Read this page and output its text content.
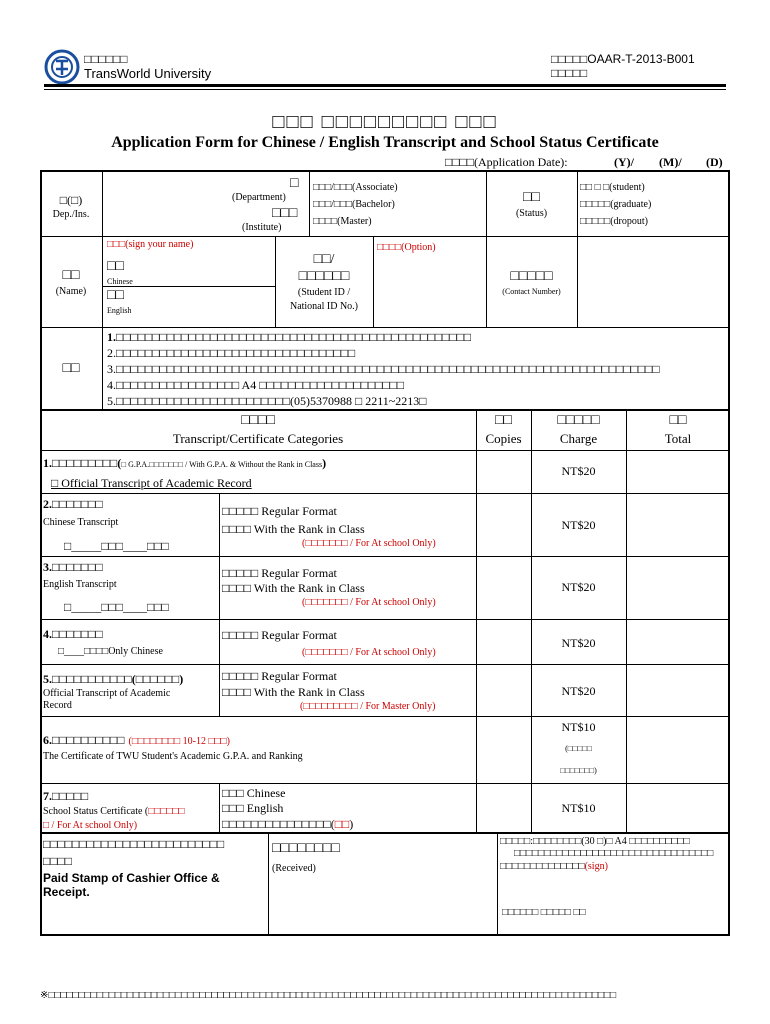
□□□□□□
TransWorld University
□□□□□OAAR-T-2013-B001
□□□□□
□□□ □□□□□□□□□ □□□
Application Form for Chinese / English Transcript and School Status Certificate
□□□□(Application Date):	(Y)/ (M)/ (D)
□(□)
Dep./Ins.
□
(Department)
□□□
(Institute)
□□□/□□□(Associate)
□□□/□□□(Bachelor)
□□□□(Master)
□□
(Status)
□□ □ □(student)
□□□□□(graduate)
□□□□□(dropout)
□□
(Name)
□□□(sign your name)
□□
Chinese
□□
English
□□/
□□□□□□
(Student ID /
National ID No.)
□□□□(Option)
□□□□□
(Contact Number)
□□
1.□□□□□□□□□□□□□□□□□□□□□□□□□□□□□□□□□□□□□□□□□□□□□□□□□
2.□□□□□□□□□□□□□□□□□□□□□□□□□□□□□□□□□
3.□□□□□□□□□□□□□□□□□□□□□□□□□□□□□□□□□□□□□□□□□□□□□□□□□□□□□□□□□□□□□□□□□□□□□□□□□□□
4.□□□□□□□□□□□□□□□□□ A4 □□□□□□□□□□□□□□□□□□□□
5.□□□□□□□□□□□□□□□□□□□□□□□□(05)5370988 □ 2211~2213□
□□□□
Transcript/Certificate Categories
□□
Copies
□□□□□
Charge
□□
Total
1.□□□□□□□□□(□ G.P.A.□□□□□□□ / With G.P.A. & Without the Rank in Class)
□ Official Transcript of Academic Record
NT$20
2.□□□□□□□
Chinese Transcript
□_____□□□____□□□
□□□□□ Regular Format
□□□□ With the Rank in Class
(□□□□□□□ / For At school Only)
NT$20
3.□□□□□□□
English Transcript
□_____□□□____□□□
□□□□□ Regular Format
□□□□ With the Rank in Class
(□□□□□□□ / For At school Only)
NT$20
4.□□□□□□□
□____□□□□Only Chinese
□□□□□ Regular Format
(□□□□□□□ / For At school Only)
NT$20
5.□□□□□□□□□□□(□□□□□□)
Official Transcript of Academic
Record
□□□□□ Regular Format
□□□□ With the Rank in Class
(□□□□□□□□□ / For Master Only)
NT$20
6.□□□□□□□□□□ (□□□□□□□□ 10-12 □□□)
The Certificate of TWU Student's Academic G.P.A. and Ranking
NT$10
(□□□□□
□□□□□□□)
7.□□□□□
School Status Certificate (□□□□□□
□ / For At school Only)
□□□ Chinese
□□□ English
□□□□□□□□□□□□□□□(□□)
NT$10
□□□□□□□□□□□□□□□□□□□□□□□□□
□□□□
Paid Stamp of Cashier Office &
Receipt.
□□□□□□□□
(Received)
□□□□□:□□□□□□□□(30 □)□ A4 □□□□□□□□□□
□□□□□□□□□□□□□□□□□□□□□□□□□□□□□□□□□
□□□□□□□□□□□□□□(sign)
□□□□□□ □□□□□ □□
※□□□□□□□□□□□□□□□□□□□□□□□□□□□□□□□□□□□□□□□□□□□□□□□□□□□□□□□□□□□□□□□□□□□□□□□□□□□□□□□□□□□□□□□□□□□□□□
